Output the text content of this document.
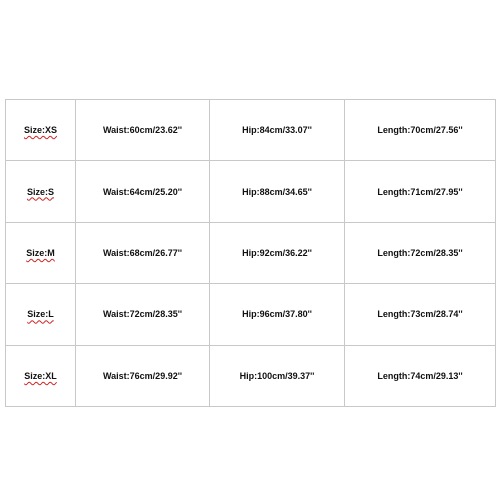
Size:XS	Waist:60cm/23.62''	Hip:84cm/33.07''	Length:70cm/27.56''
Size:S	Waist:64cm/25.20''	Hip:88cm/34.65''	Length:71cm/27.95''
Size:M	Waist:68cm/26.77''	Hip:92cm/36.22''	Length:72cm/28.35''
Size:L	Waist:72cm/28.35''	Hip:96cm/37.80''	Length:73cm/28.74''
Size:XL	Waist:76cm/29.92''	Hip:100cm/39.37''	Length:74cm/29.13''
